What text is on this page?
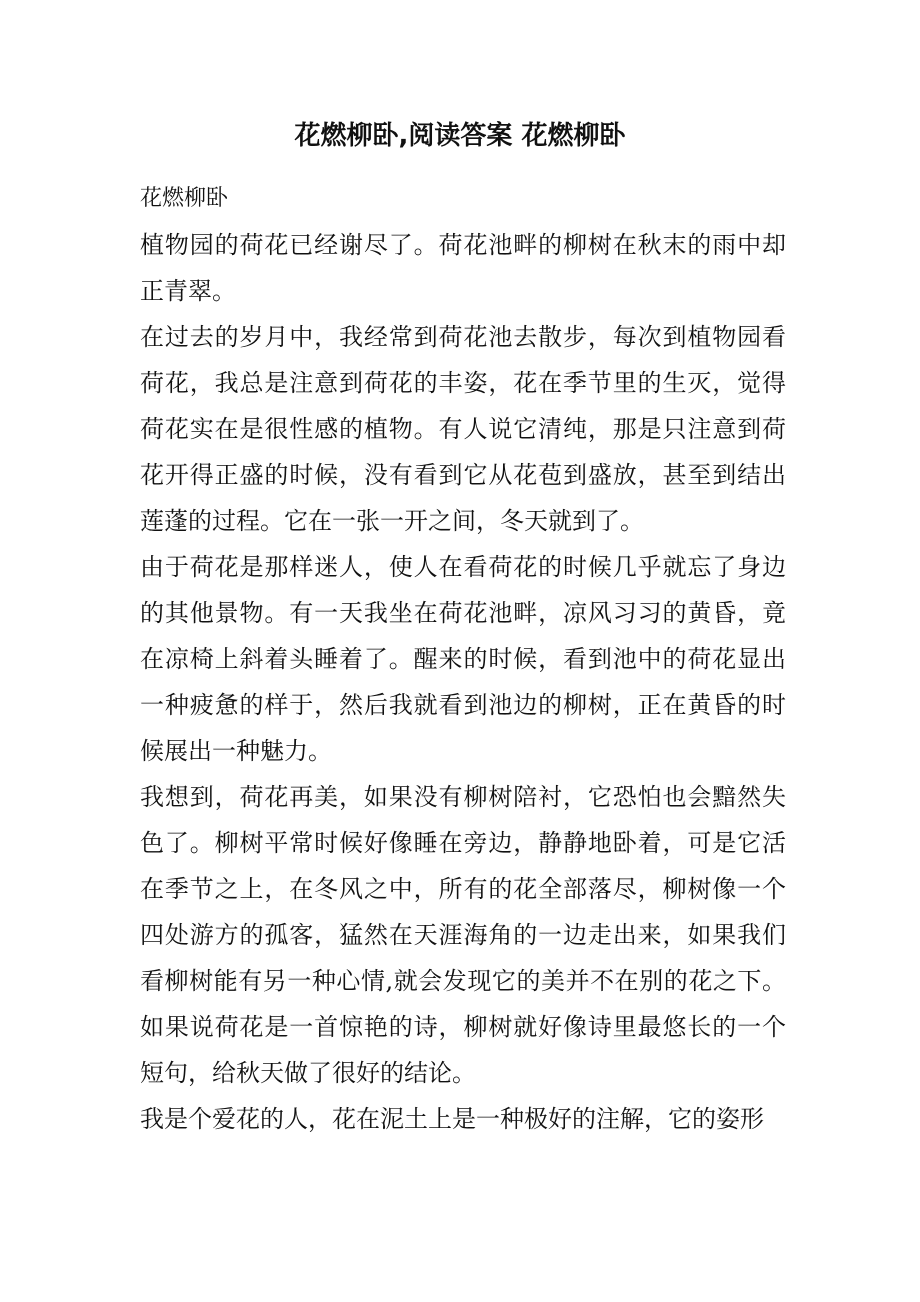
花燃柳卧,阅读答案 花燃柳卧

花燃柳卧

植物园的荷花已经谢尽了。荷花池畔的柳树在秋末的雨中却正青翠。

在过去的岁月中，我经常到荷花池去散步，每次到植物园看荷花，我总是注意到荷花的丰姿，花在季节里的生灭，觉得荷花实在是很性感的植物。有人说它清纯，那是只注意到荷花开得正盛的时候，没有看到它从花苞到盛放，甚至到结出莲蓬的过程。它在一张一开之间，冬天就到了。

由于荷花是那样迷人，使人在看荷花的时候几乎就忘了身边的其他景物。有一天我坐在荷花池畔，凉风习习的黄昏，竟在凉椅上斜着头睡着了。醒来的时候，看到池中的荷花显出一种疲惫的样于，然后我就看到池边的柳树，正在黄昏的时候展出一种魅力。

我想到，荷花再美，如果没有柳树陪衬，它恐怕也会黯然失色了。柳树平常时候好像睡在旁边，静静地卧着，可是它活在季节之上，在冬风之中，所有的花全部落尽，柳树像一个四处游方的孤客，猛然在天涯海角的一边走出来，如果我们看柳树能有另一种心情,就会发现它的美并不在别的花之下。如果说荷花是一首惊艳的诗，柳树就好像诗里最悠长的一个短句，给秋天做了很好的结论。

我是个爱花的人，花在泥土上是一种极好的注解，它的姿形
